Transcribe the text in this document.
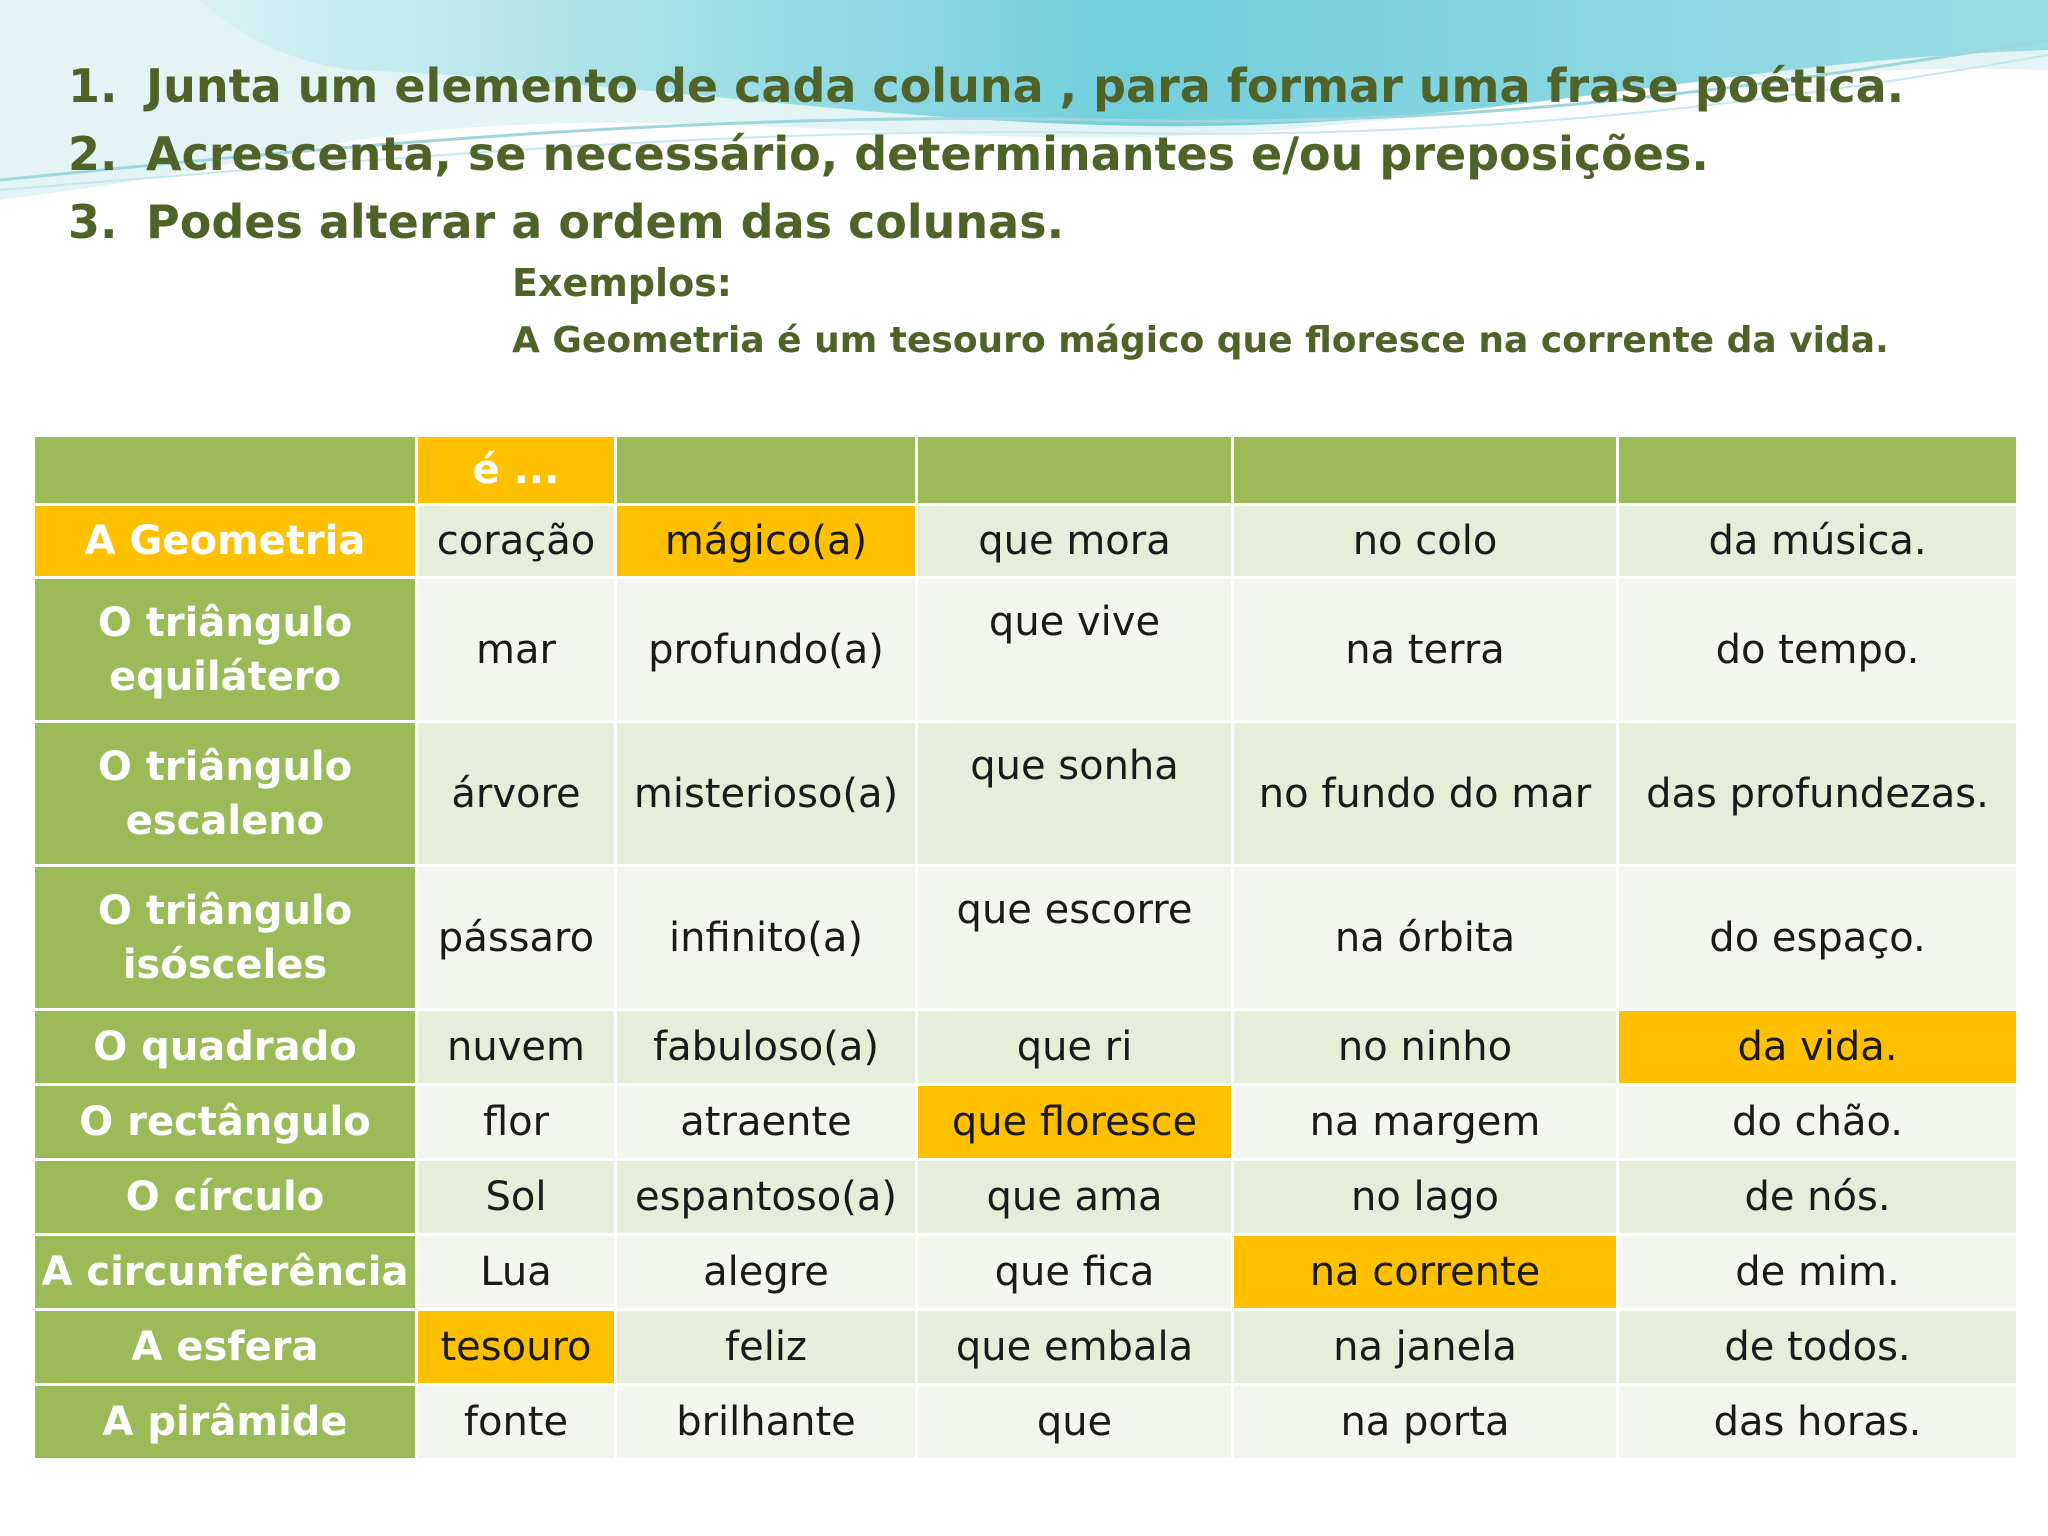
1. Junta um elemento de cada coluna , para formar uma frase poética.
2. Acrescenta, se necessário, determinantes e/ou preposições.
3. Podes alterar a ordem das colunas.
Exemplos:
A Geometria é um tesouro mágico que floresce na corrente da vida.
	é ...				
A Geometria	coração	mágico(a)	que mora	no colo	da música.
O triângulo equilátero	mar	profundo(a)	que vive	na terra	do tempo.
O triângulo escaleno	árvore	misterioso(a)	que sonha	no fundo do mar	das profundezas.
O triângulo isósceles	pássaro	infinito(a)	que escorre	na órbita	do espaço.
O quadrado	nuvem	fabuloso(a)	que ri	no ninho	da vida.
O rectângulo	flor	atraente	que floresce	na margem	do chão.
O círculo	Sol	espantoso(a)	que ama	no lago	de nós.
A circunferência	Lua	alegre	que fica	na corrente	de mim.
A esfera	tesouro	feliz	que embala	na janela	de todos.
A pirâmide	fonte	brilhante	que	na porta	das horas.
